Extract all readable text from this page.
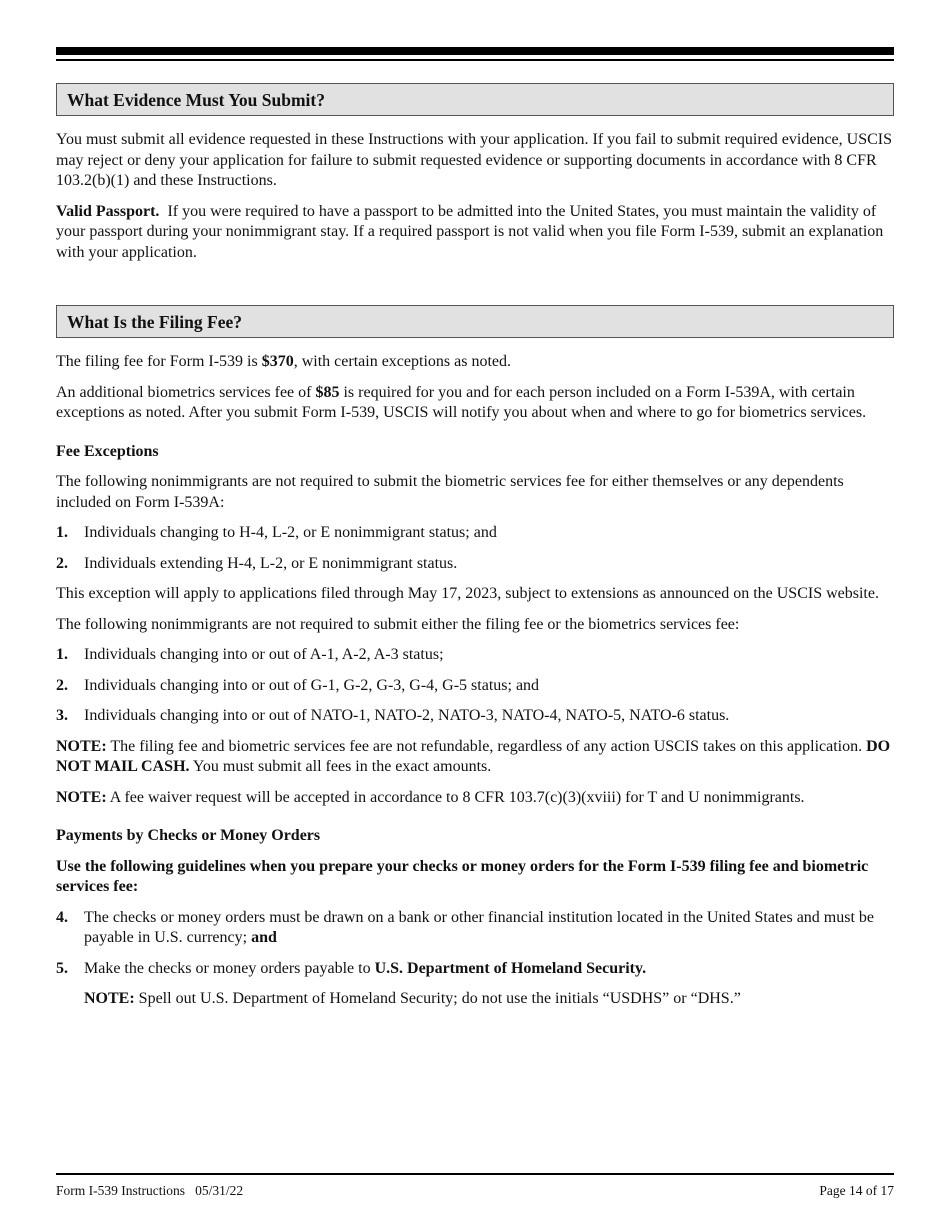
What Evidence Must You Submit?

You must submit all evidence requested in these Instructions with your application. If you fail to submit required evidence, USCIS may reject or deny your application for failure to submit requested evidence or supporting documents in accordance with 8 CFR 103.2(b)(1) and these Instructions.

Valid Passport. If you were required to have a passport to be admitted into the United States, you must maintain the validity of your passport during your nonimmigrant stay. If a required passport is not valid when you file Form I-539, submit an explanation with your application.

What Is the Filing Fee?

The filing fee for Form I-539 is $370, with certain exceptions as noted.

An additional biometrics services fee of $85 is required for you and for each person included on a Form I-539A, with certain exceptions as noted. After you submit Form I-539, USCIS will notify you about when and where to go for biometrics services.

Fee Exceptions

The following nonimmigrants are not required to submit the biometric services fee for either themselves or any dependents included on Form I-539A:

1.	Individuals changing to H-4, L-2, or E nonimmigrant status; and
2.	Individuals extending H-4, L-2, or E nonimmigrant status.

This exception will apply to applications filed through May 17, 2023, subject to extensions as announced on the USCIS website.

The following nonimmigrants are not required to submit either the filing fee or the biometrics services fee:

1.	Individuals changing into or out of A-1, A-2, A-3 status;
2.	Individuals changing into or out of G-1, G-2, G-3, G-4, G-5 status; and
3.	Individuals changing into or out of NATO-1, NATO-2, NATO-3, NATO-4, NATO-5, NATO-6 status.

NOTE: The filing fee and biometric services fee are not refundable, regardless of any action USCIS takes on this application. DO NOT MAIL CASH. You must submit all fees in the exact amounts.

NOTE: A fee waiver request will be accepted in accordance to 8 CFR 103.7(c)(3)(xviii) for T and U nonimmigrants.

Payments by Checks or Money Orders

Use the following guidelines when you prepare your checks or money orders for the Form I-539 filing fee and biometric services fee:

4.	The checks or money orders must be drawn on a bank or other financial institution located in the United States and must be payable in U.S. currency; and
5.	Make the checks or money orders payable to U.S. Department of Homeland Security.

NOTE: Spell out U.S. Department of Homeland Security; do not use the initials “USDHS” or “DHS.”

Form I-539 Instructions   05/31/22	Page 14 of 17
